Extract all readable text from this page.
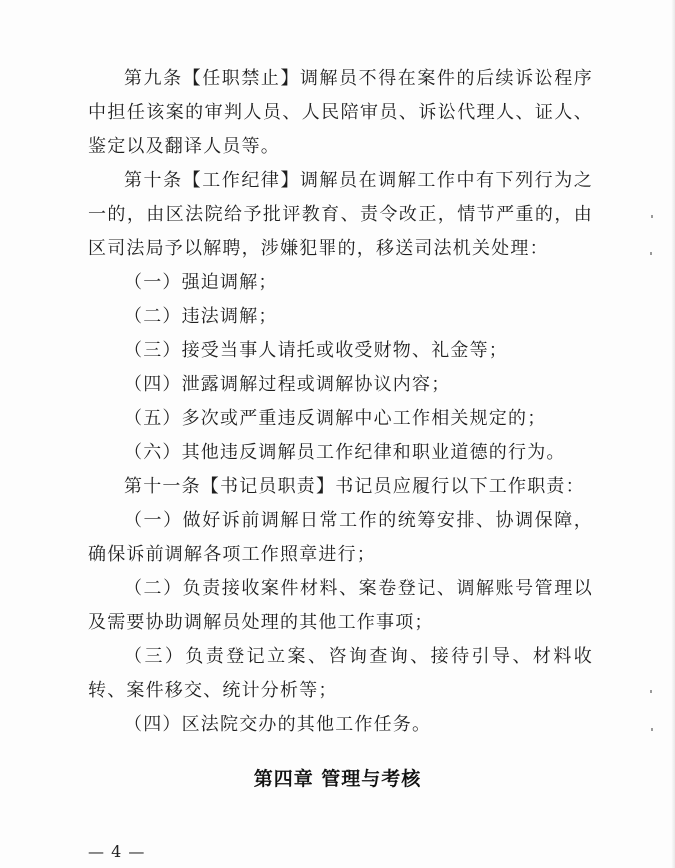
第九条【任职禁止】调解员不得在案件的后续诉讼程序中担任该案的审判人员、人民陪审员、诉讼代理人、证人、鉴定以及翻译人员等。

第十条【工作纪律】调解员在调解工作中有下列行为之一的，由区法院给予批评教育、责令改正，情节严重的，由区司法局予以解聘，涉嫌犯罪的，移送司法机关处理：

（一）强迫调解；

（二）违法调解；

（三）接受当事人请托或收受财物、礼金等；

（四）泄露调解过程或调解协议内容；

（五）多次或严重违反调解中心工作相关规定的；

（六）其他违反调解员工作纪律和职业道德的行为。

第十一条【书记员职责】书记员应履行以下工作职责：

（一）做好诉前调解日常工作的统筹安排、协调保障，确保诉前调解各项工作照章进行；

（二）负责接收案件材料、案卷登记、调解账号管理以及需要协助调解员处理的其他工作事项；

（三）负责登记立案、咨询查询、接待引导、材料收转、案件移交、统计分析等；

（四）区法院交办的其他工作任务。

第四章 管理与考核
— 4 —
